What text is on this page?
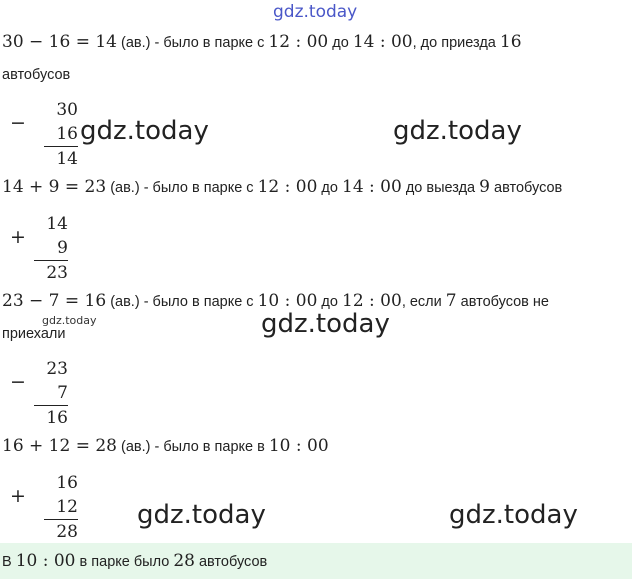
gdz.today
30 − 16 = 14 (ав.) - было в парке с 12 : 00 до 14 : 00, до приезда 16
автобусов
−
30
16
14
gdz.today	gdz.today
14 + 9 = 23 (ав.) - было в парке с 12 : 00 до 14 : 00 до выезда 9 автобусов
+
14
9
23
23 − 7 = 16 (ав.) - было в парке с 10 : 00 до 12 : 00, если 7 автобусов не
gdz.today
приехали	gdz.today
−
23
7
16
16 + 12 = 28 (ав.) - было в парке в 10 : 00
+
16
12
28
gdz.today	gdz.today
В 10 : 00 в парке было 28 автобусов
